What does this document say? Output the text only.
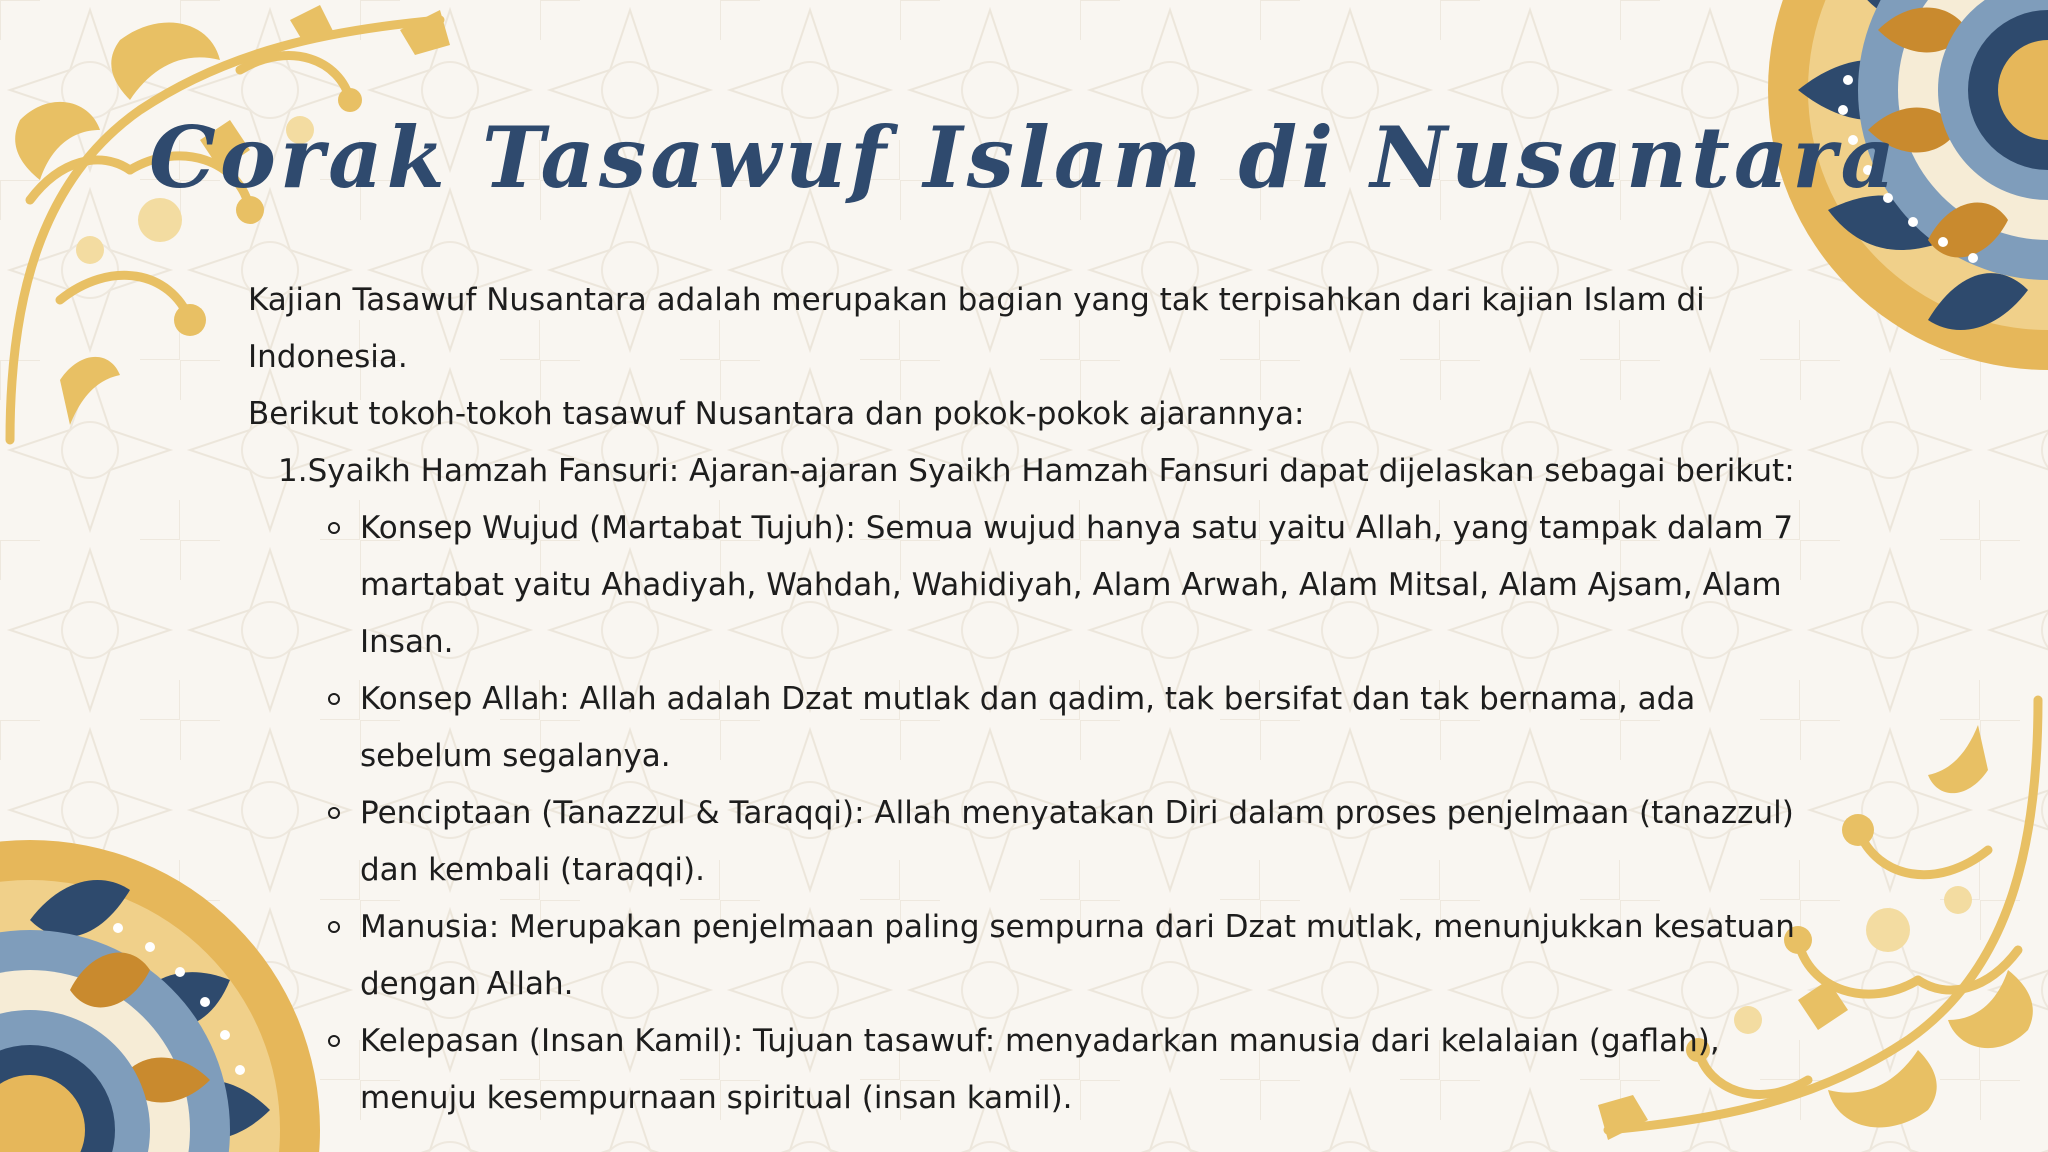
Corak Tasawuf Islam di Nusantara

Kajian Tasawuf Nusantara adalah merupakan bagian yang tak terpisahkan dari kajian Islam di Indonesia.

Berikut tokoh-tokoh tasawuf Nusantara dan pokok-pokok ajarannya:

1.Syaikh Hamzah Fansuri: Ajaran-ajaran Syaikh Hamzah Fansuri dapat dijelaskan sebagai berikut:

Konsep Wujud (Martabat Tujuh): Semua wujud hanya satu yaitu Allah, yang tampak dalam 7 martabat yaitu Ahadiyah, Wahdah, Wahidiyah, Alam Arwah, Alam Mitsal, Alam Ajsam, Alam Insan.
Konsep Allah: Allah adalah Dzat mutlak dan qadim, tak bersifat dan tak bernama, ada sebelum segalanya.
Penciptaan (Tanazzul & Taraqqi): Allah menyatakan Diri dalam proses penjelmaan (tanazzul) dan kembali (taraqqi).
Manusia: Merupakan penjelmaan paling sempurna dari Dzat mutlak, menunjukkan kesatuan dengan Allah.
Kelepasan (Insan Kamil): Tujuan tasawuf: menyadarkan manusia dari kelalaian (gaflah), menuju kesempurnaan spiritual (insan kamil).
